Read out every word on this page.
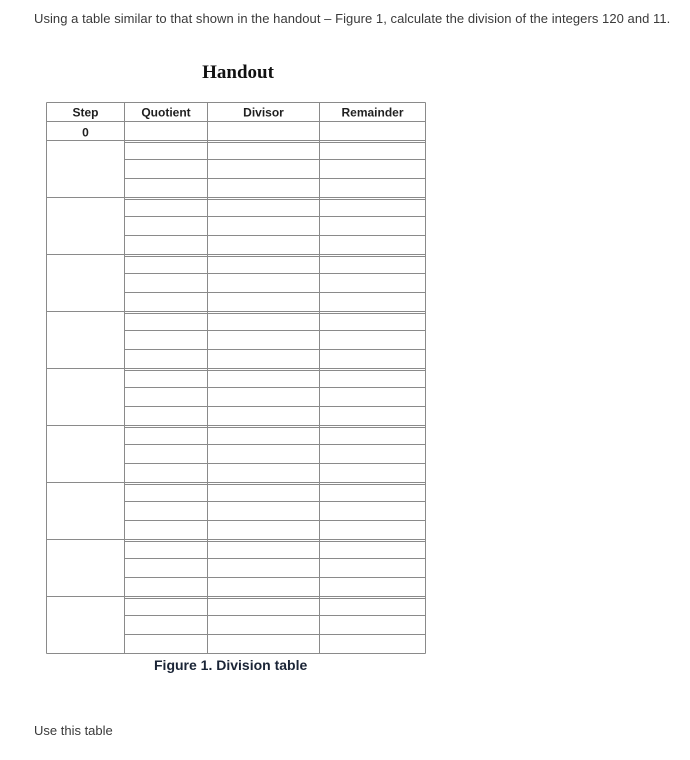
Using a table similar to that shown in the handout – Figure 1, calculate the division of the integers 120 and 11.
Handout
Step	Quotient	Divisor	Remainder
0
Figure 1. Division table
Use this table
